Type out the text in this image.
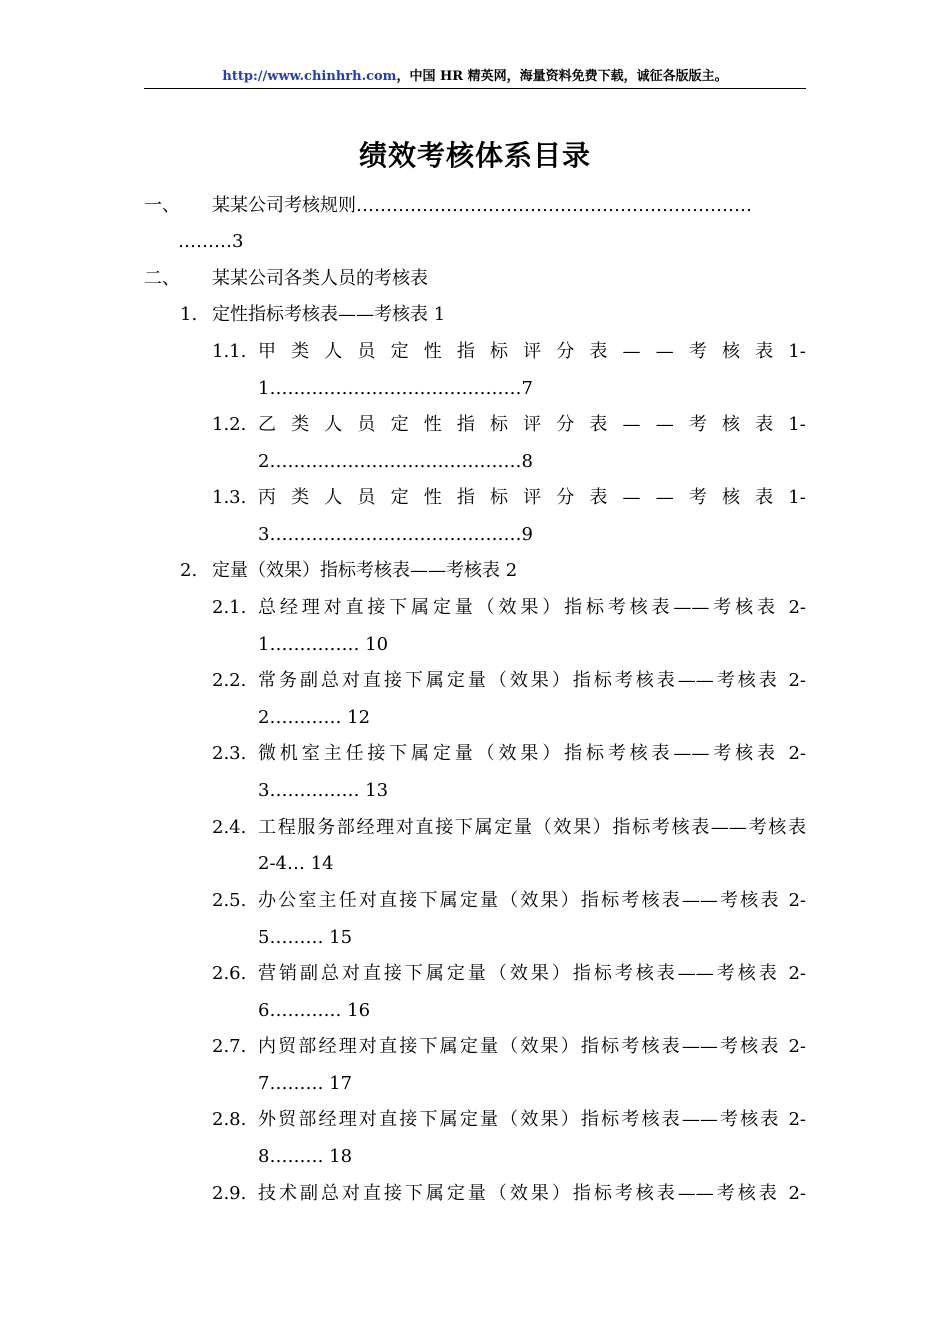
http://www.chinhrh.com，中国 HR 精英网，海量资料免费下载，诚征各版版主。
绩效考核体系目录
一、 某某公司考核规则…………………………………………………………
………3
二、 某某公司各类人员的考核表
1. 定性指标考核表——考核表 1
1.1. 甲 类 人 员 定 性 指 标 评 分 表 — — 考 核 表 1-
1……………………………………7
1.2. 乙 类 人 员 定 性 指 标 评 分 表 — — 考 核 表 1-
2……………………………………8
1.3. 丙 类 人 员 定 性 指 标 评 分 表 — — 考 核 表 1-
3……………………………………9
2. 定量（效果）指标考核表——考核表 2
2.1. 总经理对直接下属定量（效果）指标考核表——考核表 2-
1…………… 10
2.2. 常务副总对直接下属定量（效果）指标考核表——考核表 2-
2………… 12
2.3. 微机室主任接下属定量（效果）指标考核表——考核表 2-
3…………… 13
2.4. 工程服务部经理对直接下属定量（效果）指标考核表——考核表
2-4… 14
2.5. 办公室主任对直接下属定量（效果）指标考核表——考核表 2-
5……… 15
2.6. 营销副总对直接下属定量（效果）指标考核表——考核表 2-
6………… 16
2.7. 内贸部经理对直接下属定量（效果）指标考核表——考核表 2-
7……… 17
2.8. 外贸部经理对直接下属定量（效果）指标考核表——考核表 2-
8……… 18
2.9. 技术副总对直接下属定量（效果）指标考核表——考核表 2-
